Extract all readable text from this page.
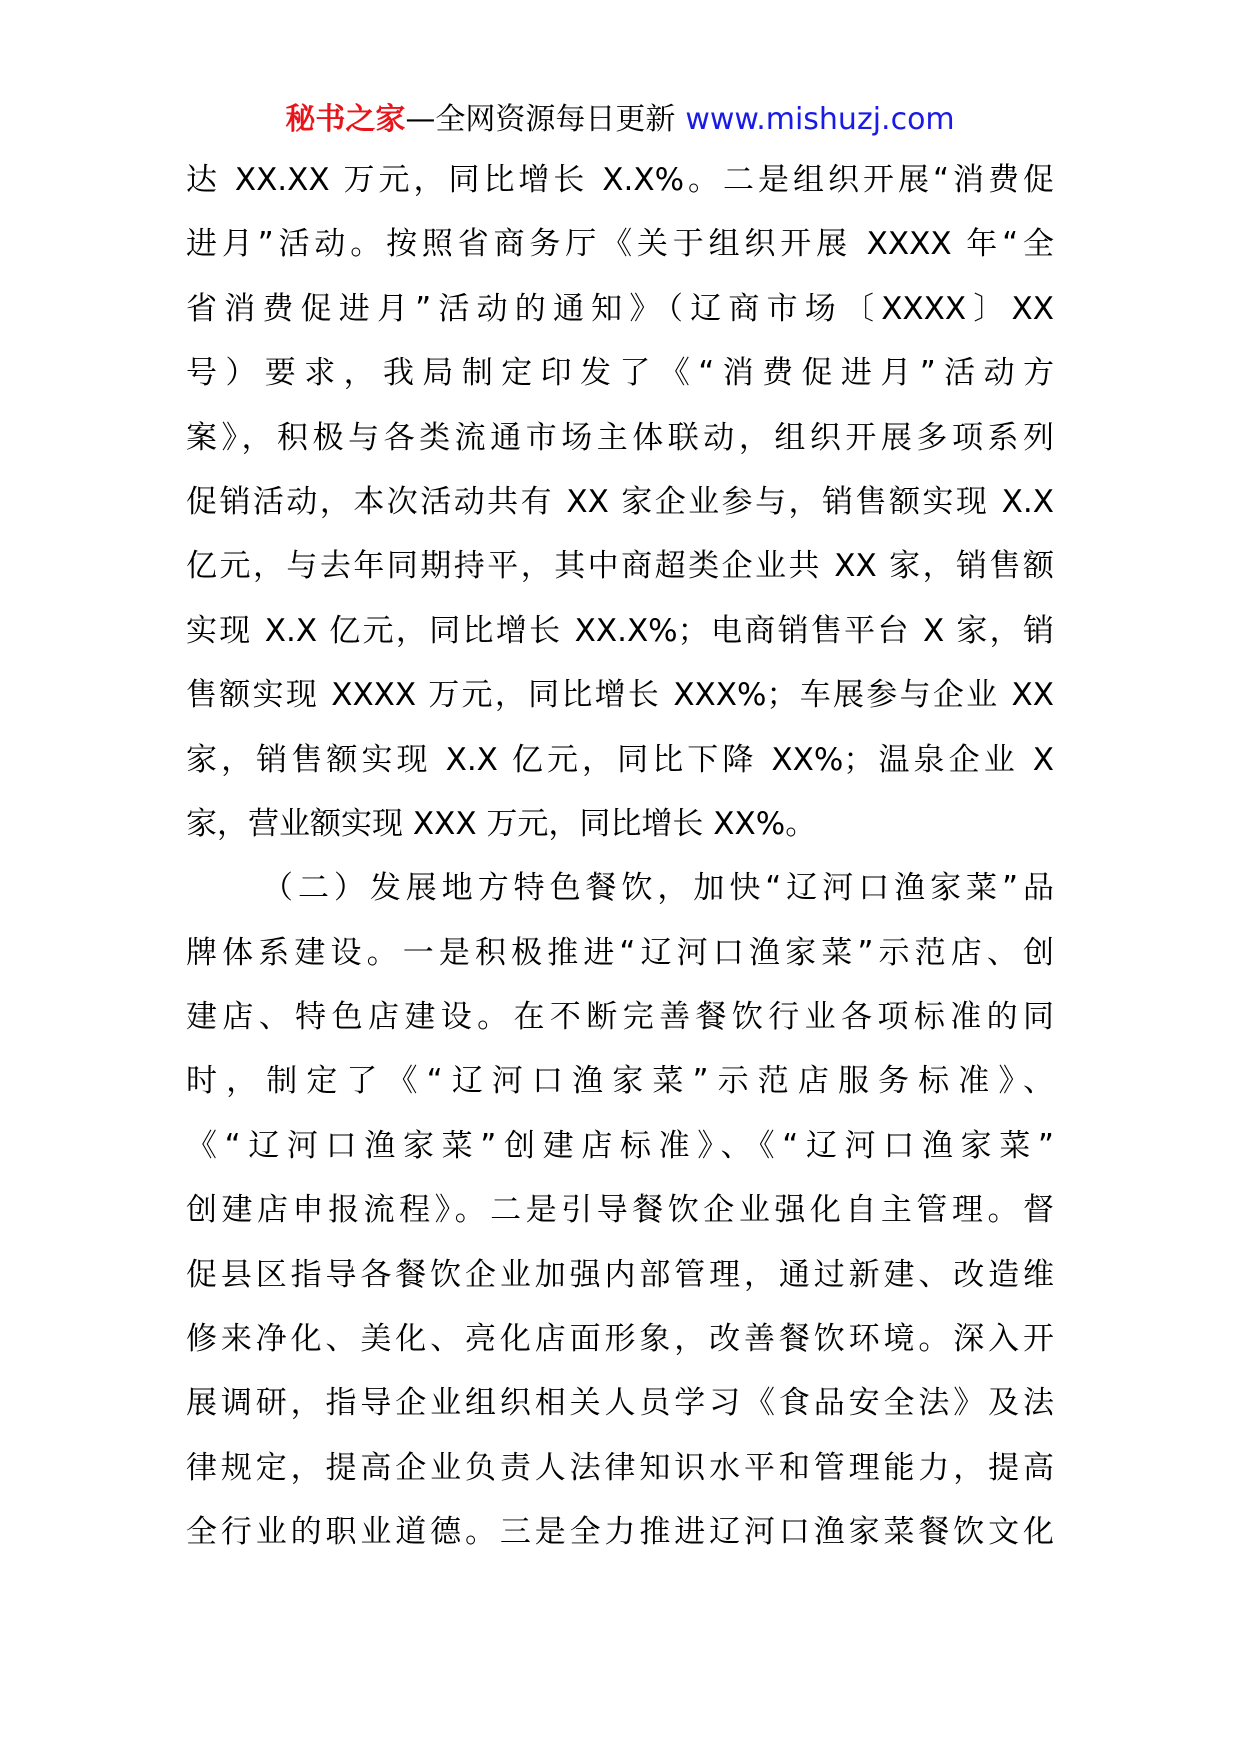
秘书之家—全网资源每日更新 www.mishuzj.com
达 XX.XX 万元，同比增长 X.X%。二是组织开展“消费促
进月”活动。按照省商务厅《关于组织开展 XXXX 年“全
省消费促进月”活动的通知》（辽商市场〔XXXX〕XX
号）要求，我局制定印发了《“消费促进月”活动方
案》，积极与各类流通市场主体联动，组织开展多项系列
促销活动，本次活动共有 XX 家企业参与，销售额实现 X.X
亿元，与去年同期持平，其中商超类企业共 XX 家，销售额
实现 X.X 亿元，同比增长 XX.X%；电商销售平台 X 家，销
售额实现 XXXX 万元，同比增长 XXX%；车展参与企业 XX
家，销售额实现 X.X 亿元，同比下降 XX%；温泉企业 X
家，营业额实现 XXX 万元，同比增长 XX%。
（二）发展地方特色餐饮，加快“辽河口渔家菜”品
牌体系建设。一是积极推进“辽河口渔家菜”示范店、创
建店、特色店建设。在不断完善餐饮行业各项标准的同
时，制定了《“辽河口渔家菜”示范店服务标准》、
《“辽河口渔家菜”创建店标准》、《“辽河口渔家菜”
创建店申报流程》。二是引导餐饮企业强化自主管理。督
促县区指导各餐饮企业加强内部管理，通过新建、改造维
修来净化、美化、亮化店面形象，改善餐饮环境。深入开
展调研，指导企业组织相关人员学习《食品安全法》及法
律规定，提高企业负责人法律知识水平和管理能力，提高
全行业的职业道德。三是全力推进辽河口渔家菜餐饮文化
